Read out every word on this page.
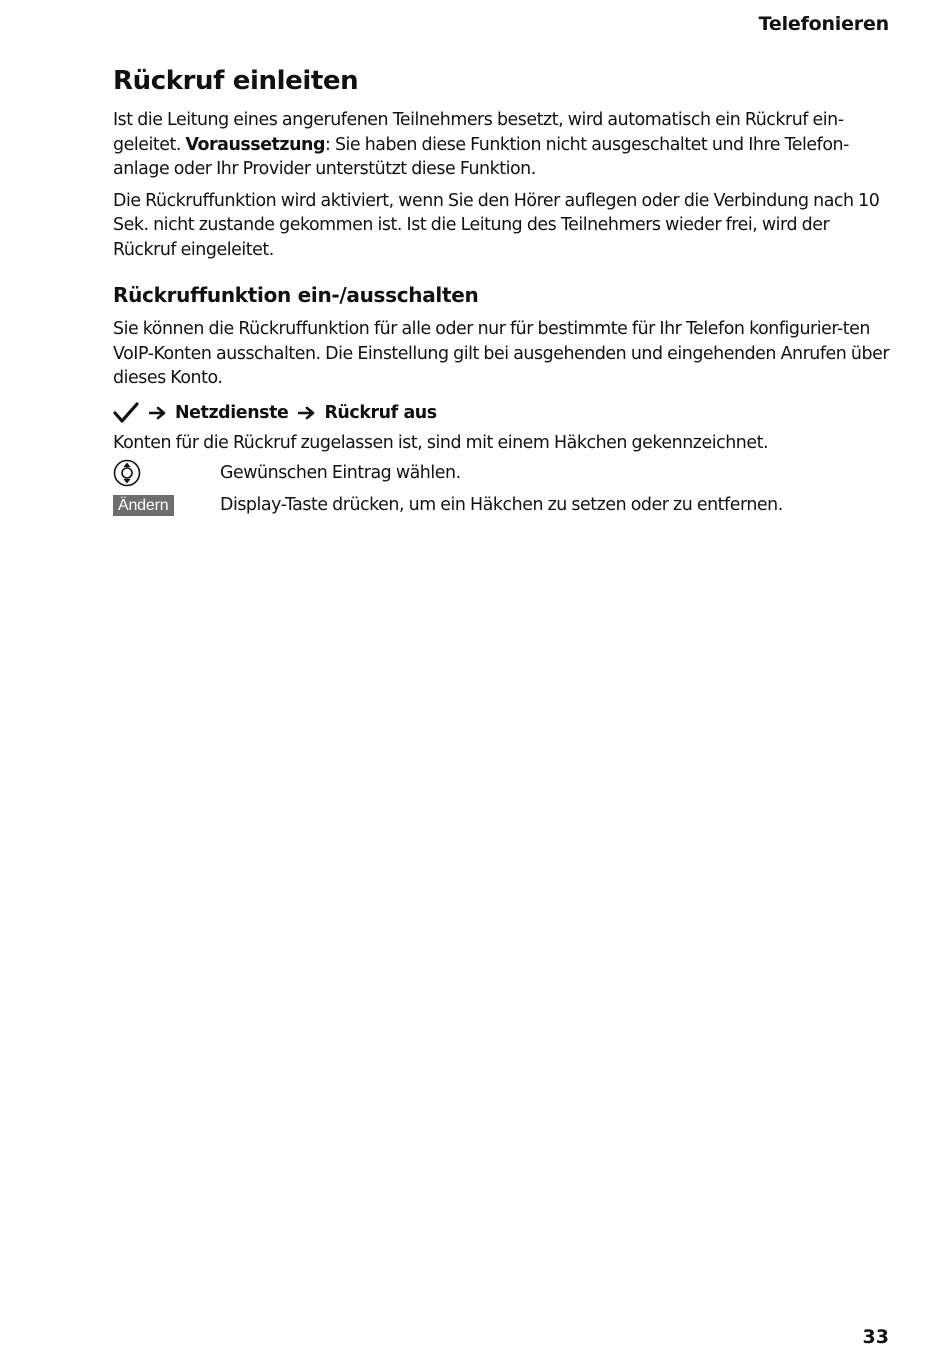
Telefonieren
Rückruf einleiten

Ist die Leitung eines angerufenen Teilnehmers besetzt, wird automatisch ein Rückruf ein-geleitet. Voraussetzung: Sie haben diese Funktion nicht ausgeschaltet und Ihre Telefon-anlage oder Ihr Provider unterstützt diese Funktion.

Die Rückruffunktion wird aktiviert, wenn Sie den Hörer auflegen oder die Verbindung nach 10 Sek. nicht zustande gekommen ist. Ist die Leitung des Teilnehmers wieder frei, wird der Rückruf eingeleitet.

Rückruffunktion ein-/ausschalten

Sie können die Rückruffunktion für alle oder nur für bestimmte für Ihr Telefon konfigurier-ten VoIP-Konten ausschalten. Die Einstellung gilt bei ausgehenden und eingehenden Anrufen über dieses Konto.

Netzdienste Rückruf aus

Konten für die Rückruf zugelassen ist, sind mit einem Häkchen gekennzeichnet.

Gewünschen Eintrag wählen.
Ändern	Display-Taste drücken, um ein Häkchen zu setzen oder zu entfernen.
33
